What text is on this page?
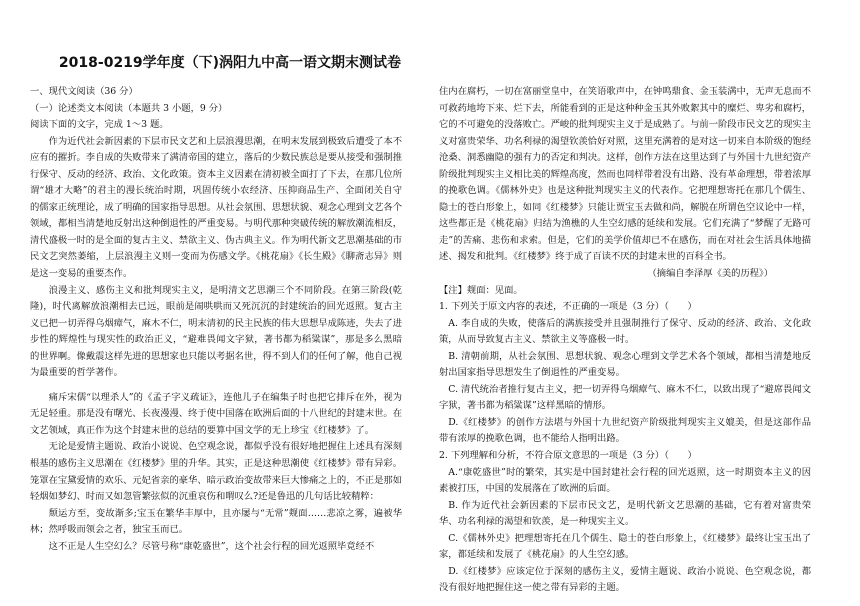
2018-0219学年度（下)涡阳九中高一语文期末测试卷

一、现代文阅读（36 分）

（一）论述类文本阅读（本题共 3 小题，9 分）

阅读下面的文字，完成 1～3 题。

作为近代社会新因素的下层市民文艺和上层浪漫思潮，在明末发展到极致后遭受了本不应有的摧折。李自成的失败带来了满清帝国的建立，落后的少数民族总是要从接受和强制推行保守、反动的经济、政治、文化政策。资本主义因素在清初被全面打了下去，在那几位所谓“雄才大略”的君主的漫长统治时期，巩固传统小农经济、压抑商品生产、全面闭关自守的儒家正统理论，成了明确的国家指导思想。从社会氛围、思想状貌、观念心理到文艺各个领域，都相当清楚地反射出这种倒退性的严重变易。与明代那种突破传统的解放潮流相反，清代盛极一时的是全面的复古主义、禁欲主义、伪古典主义。作为明代新文艺思潮基础的市民文艺突然萎缩，上层浪漫主义则一变而为伤感文学。《桃花扇》《长生殿》《聊斋志异》则是这一变易的重要杰作。

浪漫主义、感伤主义和批判现实主义，是明清文艺思潮三个不同阶段。在第三阶段(乾隆)，时代离解放浪潮相去已远，眼前是闹哄哄而又死沉沉的封建统治的回光返照。复古主义已把一切弄得乌烟瘴气，麻木不仁，明末清初的民主民族的伟大思想早成陈迹，失去了进步性的辉煌性与现实性的政治正义，“避难畏闻文字狱，著书都为稻粱谋”，那是多么黑暗的世界啊。像戴震这样先进的思想家也只能以考据名世，得不到人们的任何了解，他自己视为最重要的哲学著作。

痛斥宋儒“以理杀人”的《孟子字义疏证》，连他儿子在编集子时也把它排斥在外，视为无足轻重。那是没有曙光、长夜漫漫、终于使中国落在欧洲后面的十八世纪的封建末世。在文艺领域，真正作为这个封建末世的总结的要算中国文学的无上珍宝《红楼梦》了。

无论是爱情主题说、政治小说说、色空观念说，都似乎没有很好地把握住上述具有深刻根基的感伤主义思潮在《红楼梦》里的升华。其实，正是这种思潮使《红楼梦》带有异彩。笼罩在宝黛爱情的欢乐、元妃省亲的豪华、暗示政治变故带来巨大惨痛之上的，不正是那如轻烟如梦幻、时而又如忽管繁弦似的沉重哀伤和喟叹么?还是鲁迅的几句话比较精粹：

颓运方至，变故渐多;宝玉在繁华丰厚中，且亦屡与“无常”觌面……悲凉之雾，遍被华林；然呼吸而领会之者，独宝玉而已。

这不正是人生空幻么？尽管号称“康乾盛世”，这个社会行程的回光返照毕竟经不

住内在腐朽，一切在富丽堂皇中，在笑语歌声中，在钟鸣鼎食、金玉装满中，无声无息而不可救药地垮下来、烂下去，所能看到的正是这种种金玉其外败絮其中的糜烂、卑劣和腐朽，它的不可避免的没落败亡。严峻的批判现实主义于是成熟了。与前一阶段市民文艺的现实主义对富贵荣华、功名利禄的渴望钦羡恰好对照，这里充满着的是对这一切来自本阶级的饱经沧桑、洞悉幽隐的强有力的否定和判决。这样，创作方法在这里达到了与外国十九世纪资产阶级批判现实主义相比美的辉煌高度，然而也同样带着没有出路、没有革命理想，带着浓厚的挽歌色调。《儒林外史》也是这种批判现实主义的代表作。它把理想寄托在那几个儒生、隐士的苍白形象上，如同《红楼梦》只能让贾宝玉去做和尚，解脱在所谓色空议论中一样，这些都正是《桃花扇》归结为渔樵的人生空幻感的延续和发展。它们充满了“梦醒了无路可走”的苦痛、悲伤和求索。但是，它们的美学价值却已不在感伤，而在对社会生活具体地描述、揭发和批判。《红楼梦》终于成了百读不厌的封建末世的百科全书。

（摘编自李泽厚《美的历程》）

【注】觌面：见面。

1. 下列关于原文内容的表述，不正确的一项是（3 分）（　　）

A. 李自成的失败，使落后的满族接受并且强制推行了保守、反动的经济、政治、文化政策，从而导致复古主义、禁欲主义等盛极一时。

B. 清朝前期，从社会氛围、思想状貌、观念心理到文学艺术各个领域，都相当清楚地反射出国家指导思想发生了倒退性的严重变易。

C. 清代统治者推行复古主义，把一切弄得乌烟瘴气、麻木不仁，以致出现了“避席畏闻文字狱，著书都为稻粱谋”这样黑暗的情形。

D.《红楼梦》的创作方法堪与外国十九世纪资产阶级批判现实主义媲美，但是这部作品带有浓厚的挽歌色调，也不能给人指明出路。

2. 下列理解和分析，不符合原文意思的一项是（3 分）（　　）

A.“康乾盛世”时的繁荣，其实是中国封建社会行程的回光返照，这一时期资本主义的因素被打压，中国的发展落在了欧洲的后面。

B. 作为近代社会新因素的下层市民文艺，是明代新文艺思潮的基础，它有着对富贵荣华、功名利禄的渴望和钦羡，是一种现实主义。

C.《儒林外史》把理想寄托在几个儒生、隐士的苍白形象上，《红楼梦》最终让宝玉出了家，都延续和发展了《桃花扇》的人生空幻感。

D.《红楼梦》应该定位于深刻的感伤主义，爱情主题说、政治小说说、色空观念说，都没有很好地把握住这一使之带有异彩的主题。
